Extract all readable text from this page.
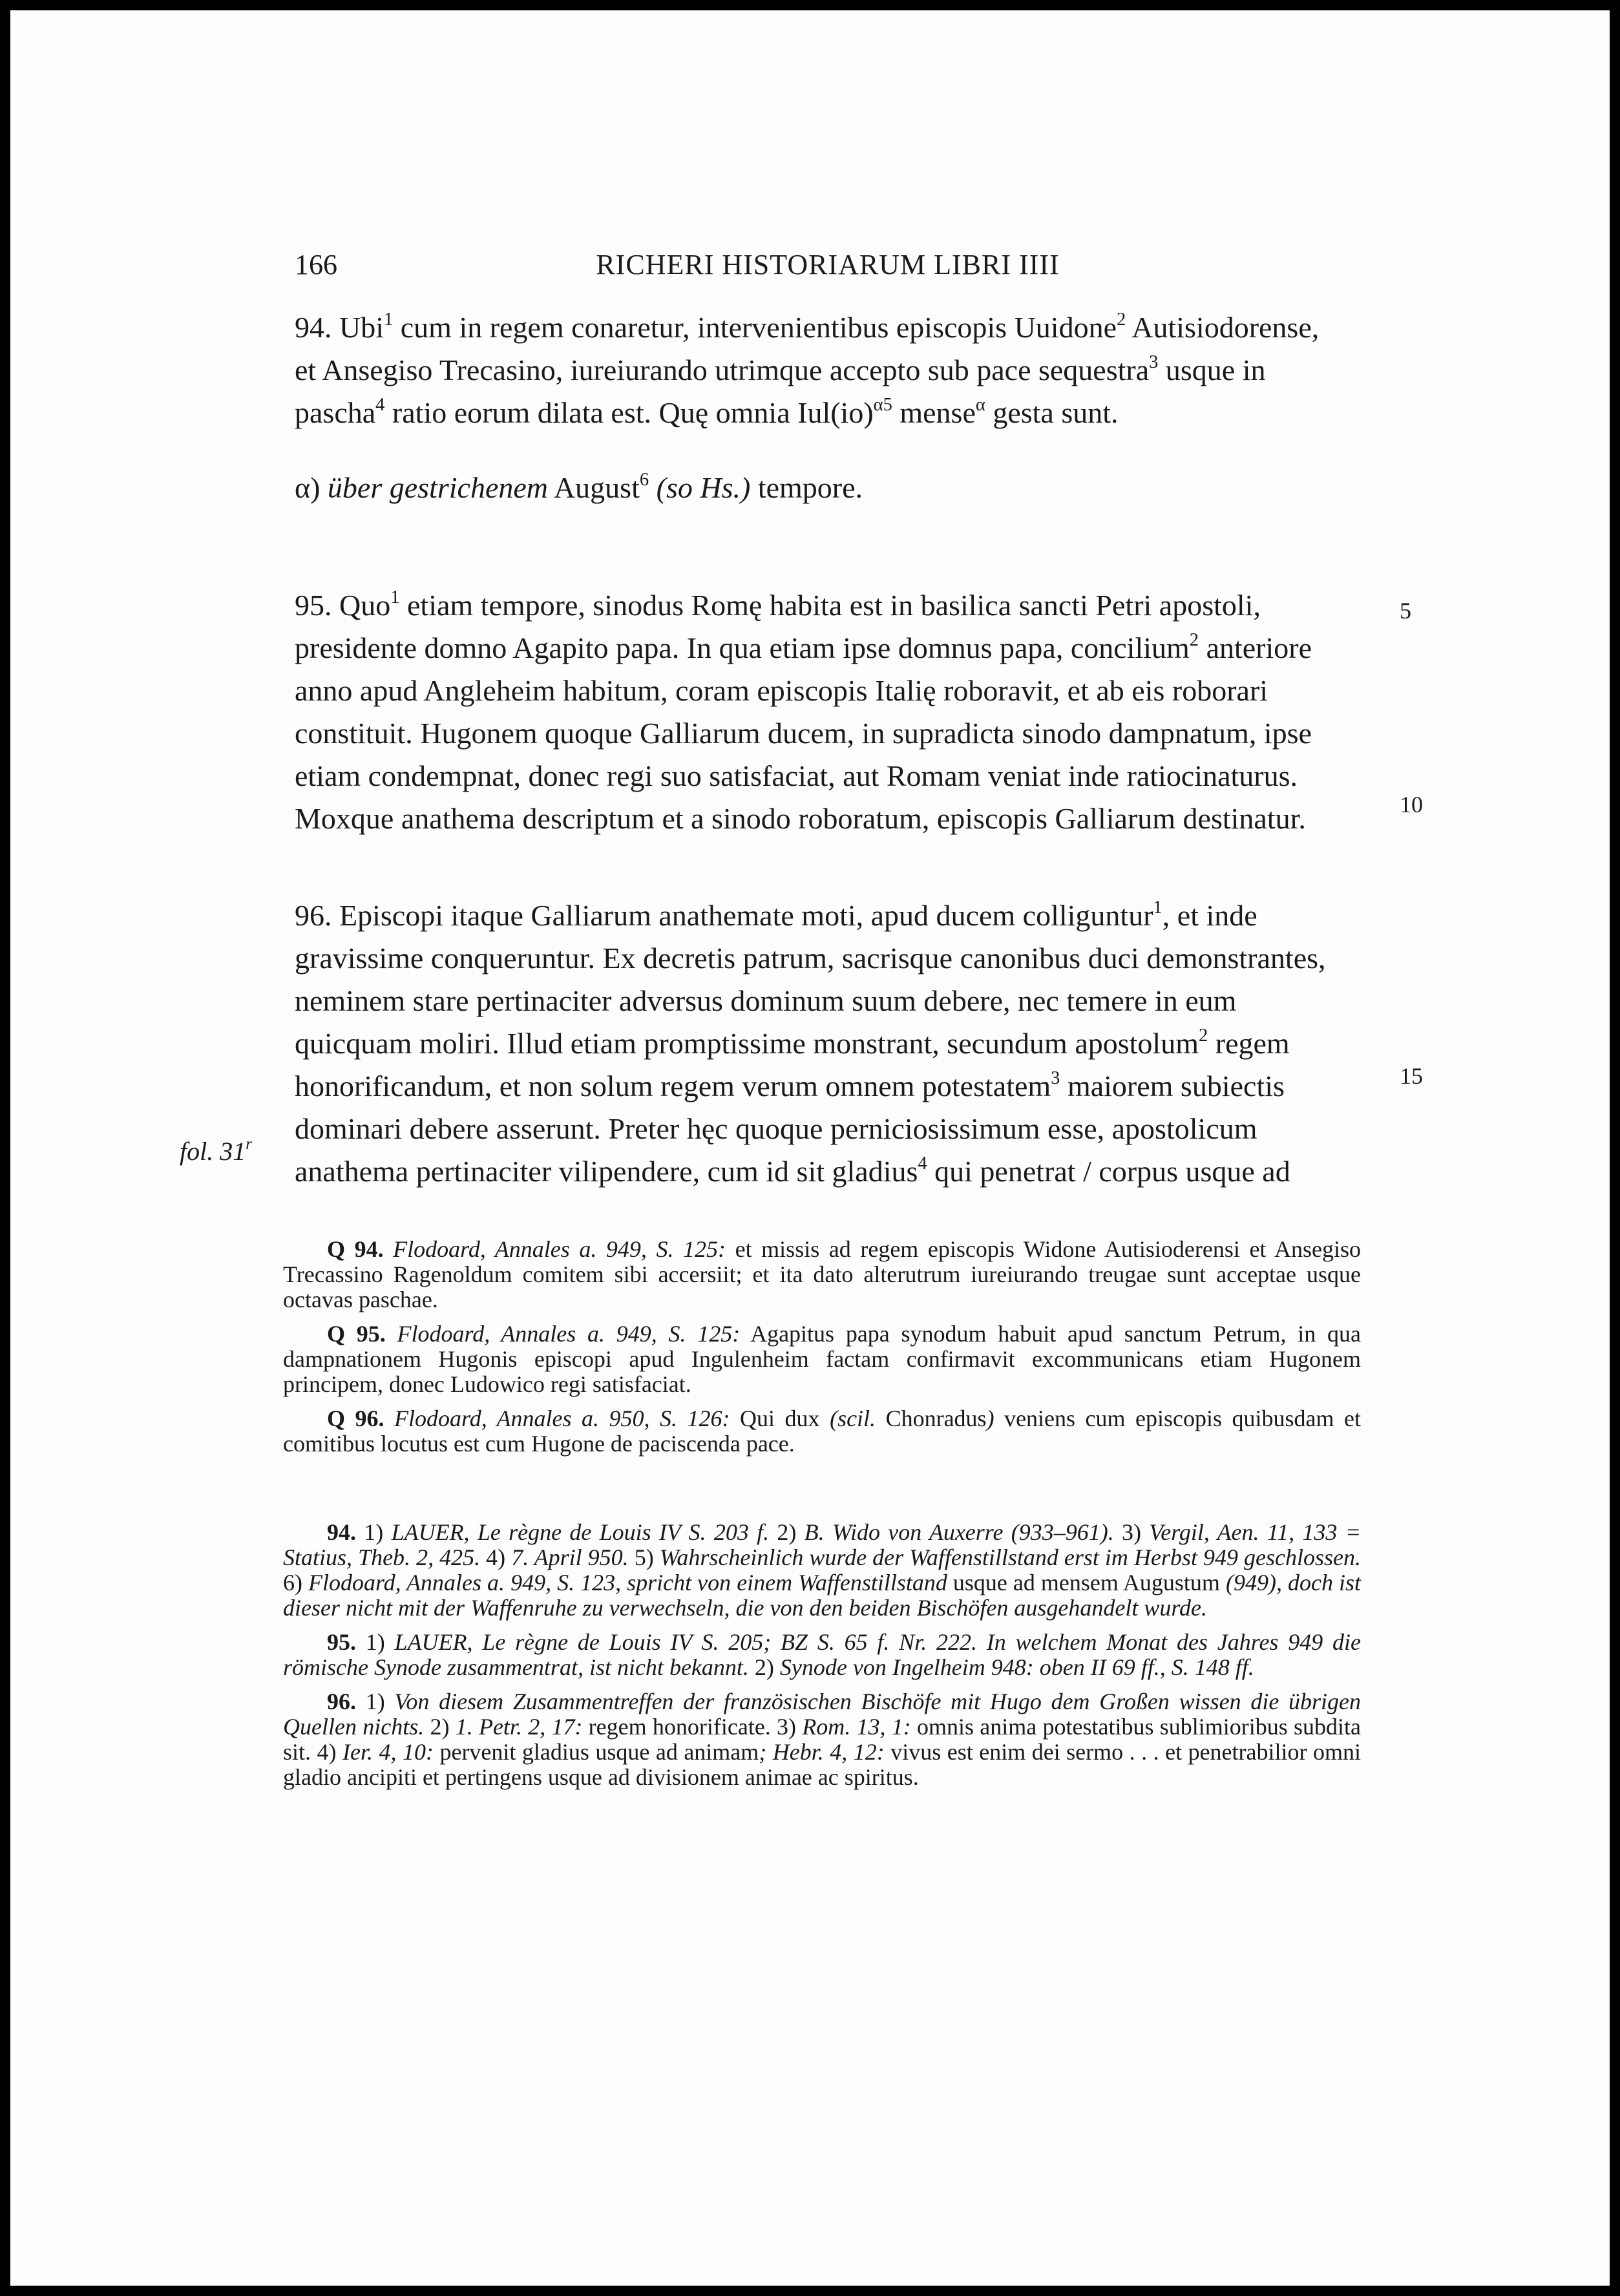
166	RICHERI HISTORIARUM LIBRI IIII

94. Ubi$^1$ cum in regem conaretur, intervenientibus episcopis Uuidone$^2$ Autisiodorense,

et Ansegiso Trecasino, iureiurando utrimque accepto sub pace sequestra$^3$ usque in

pascha$^4$ ratio eorum dilata est. Quę omnia Iul(io)$^{\alpha 5}$ mense$^\alpha$ gesta sunt.

α) über gestrichenem August$^6$ (so Hs.) tempore.

95. Quo$^1$ etiam tempore, sinodus Romę habita est in basilica sancti Petri apostoli,

presidente domno Agapito papa. In qua etiam ipse domnus papa, concilium$^2$ anteriore

anno apud Angleheim habitum, coram episcopis Italię roboravit, et ab eis roborari

constituit. Hugonem quoque Galliarum ducem, in supradicta sinodo dampnatum, ipse

etiam condempnat, donec regi suo satisfaciat, aut Romam veniat inde ratiocinaturus.

Moxque anathema descriptum et a sinodo roboratum, episcopis Galliarum destinatur.

5
10

96. Episcopi itaque Galliarum anathemate moti, apud ducem colliguntur$^1$, et inde

gravissime conqueruntur. Ex decretis patrum, sacrisque canonibus duci demonstrantes,

neminem stare pertinaciter adversus dominum suum debere, nec temere in eum

quicquam moliri. Illud etiam promptissime monstrant, secundum apostolum$^2$ regem

honorificandum, et non solum regem verum omnem potestatem$^3$ maiorem subiectis

dominari debere asserunt. Preter hęc quoque perniciosissimum esse, apostolicum

anathema pertinaciter vilipendere, cum id sit gladius$^4$ qui penetrat / corpus usque ad

15
fol. 31$^r$

Q 94. Flodoard, Annales a. 949, S. 125: et missis ad regem episcopis Widone Autisioderensi et Ansegiso Trecassino Ragenoldum comitem sibi accersiit; et ita dato alterutrum iureiurando treugae sunt acceptae usque octavas paschae.

Q 95. Flodoard, Annales a. 949, S. 125: Agapitus papa synodum habuit apud sanctum Petrum, in qua dampnationem Hugonis episcopi apud Ingulenheim factam confirmavit excommunicans etiam Hugonem principem, donec Ludowico regi satisfaciat.

Q 96. Flodoard, Annales a. 950, S. 126: Qui dux (scil. Chonradus) veniens cum episcopis quibusdam et comitibus locutus est cum Hugone de paciscenda pace.

94. 1) LAUER, Le règne de Louis IV S. 203 f. 2) B. Wido von Auxerre (933–961). 3) Vergil, Aen. 11, 133 = Statius, Theb. 2, 425. 4) 7. April 950. 5) Wahrscheinlich wurde der Waffenstillstand erst im Herbst 949 geschlossen. 6) Flodoard, Annales a. 949, S. 123, spricht von einem Waffenstillstand usque ad mensem Augustum (949), doch ist dieser nicht mit der Waffenruhe zu verwechseln, die von den beiden Bischöfen ausgehandelt wurde.

95. 1) LAUER, Le règne de Louis IV S. 205; BZ S. 65 f. Nr. 222. In welchem Monat des Jahres 949 die römische Synode zusammentrat, ist nicht bekannt. 2) Synode von Ingelheim 948: oben II 69 ff., S. 148 ff.

96. 1) Von diesem Zusammentreffen der französischen Bischöfe mit Hugo dem Großen wissen die übrigen Quellen nichts. 2) 1. Petr. 2, 17: regem honorificate. 3) Rom. 13, 1: omnis anima potestatibus sublimioribus subdita sit. 4) Ier. 4, 10: pervenit gladius usque ad animam; Hebr. 4, 12: vivus est enim dei sermo . . . et penetrabilior omni gladio ancipiti et pertingens usque ad divisionem animae ac spiritus.
